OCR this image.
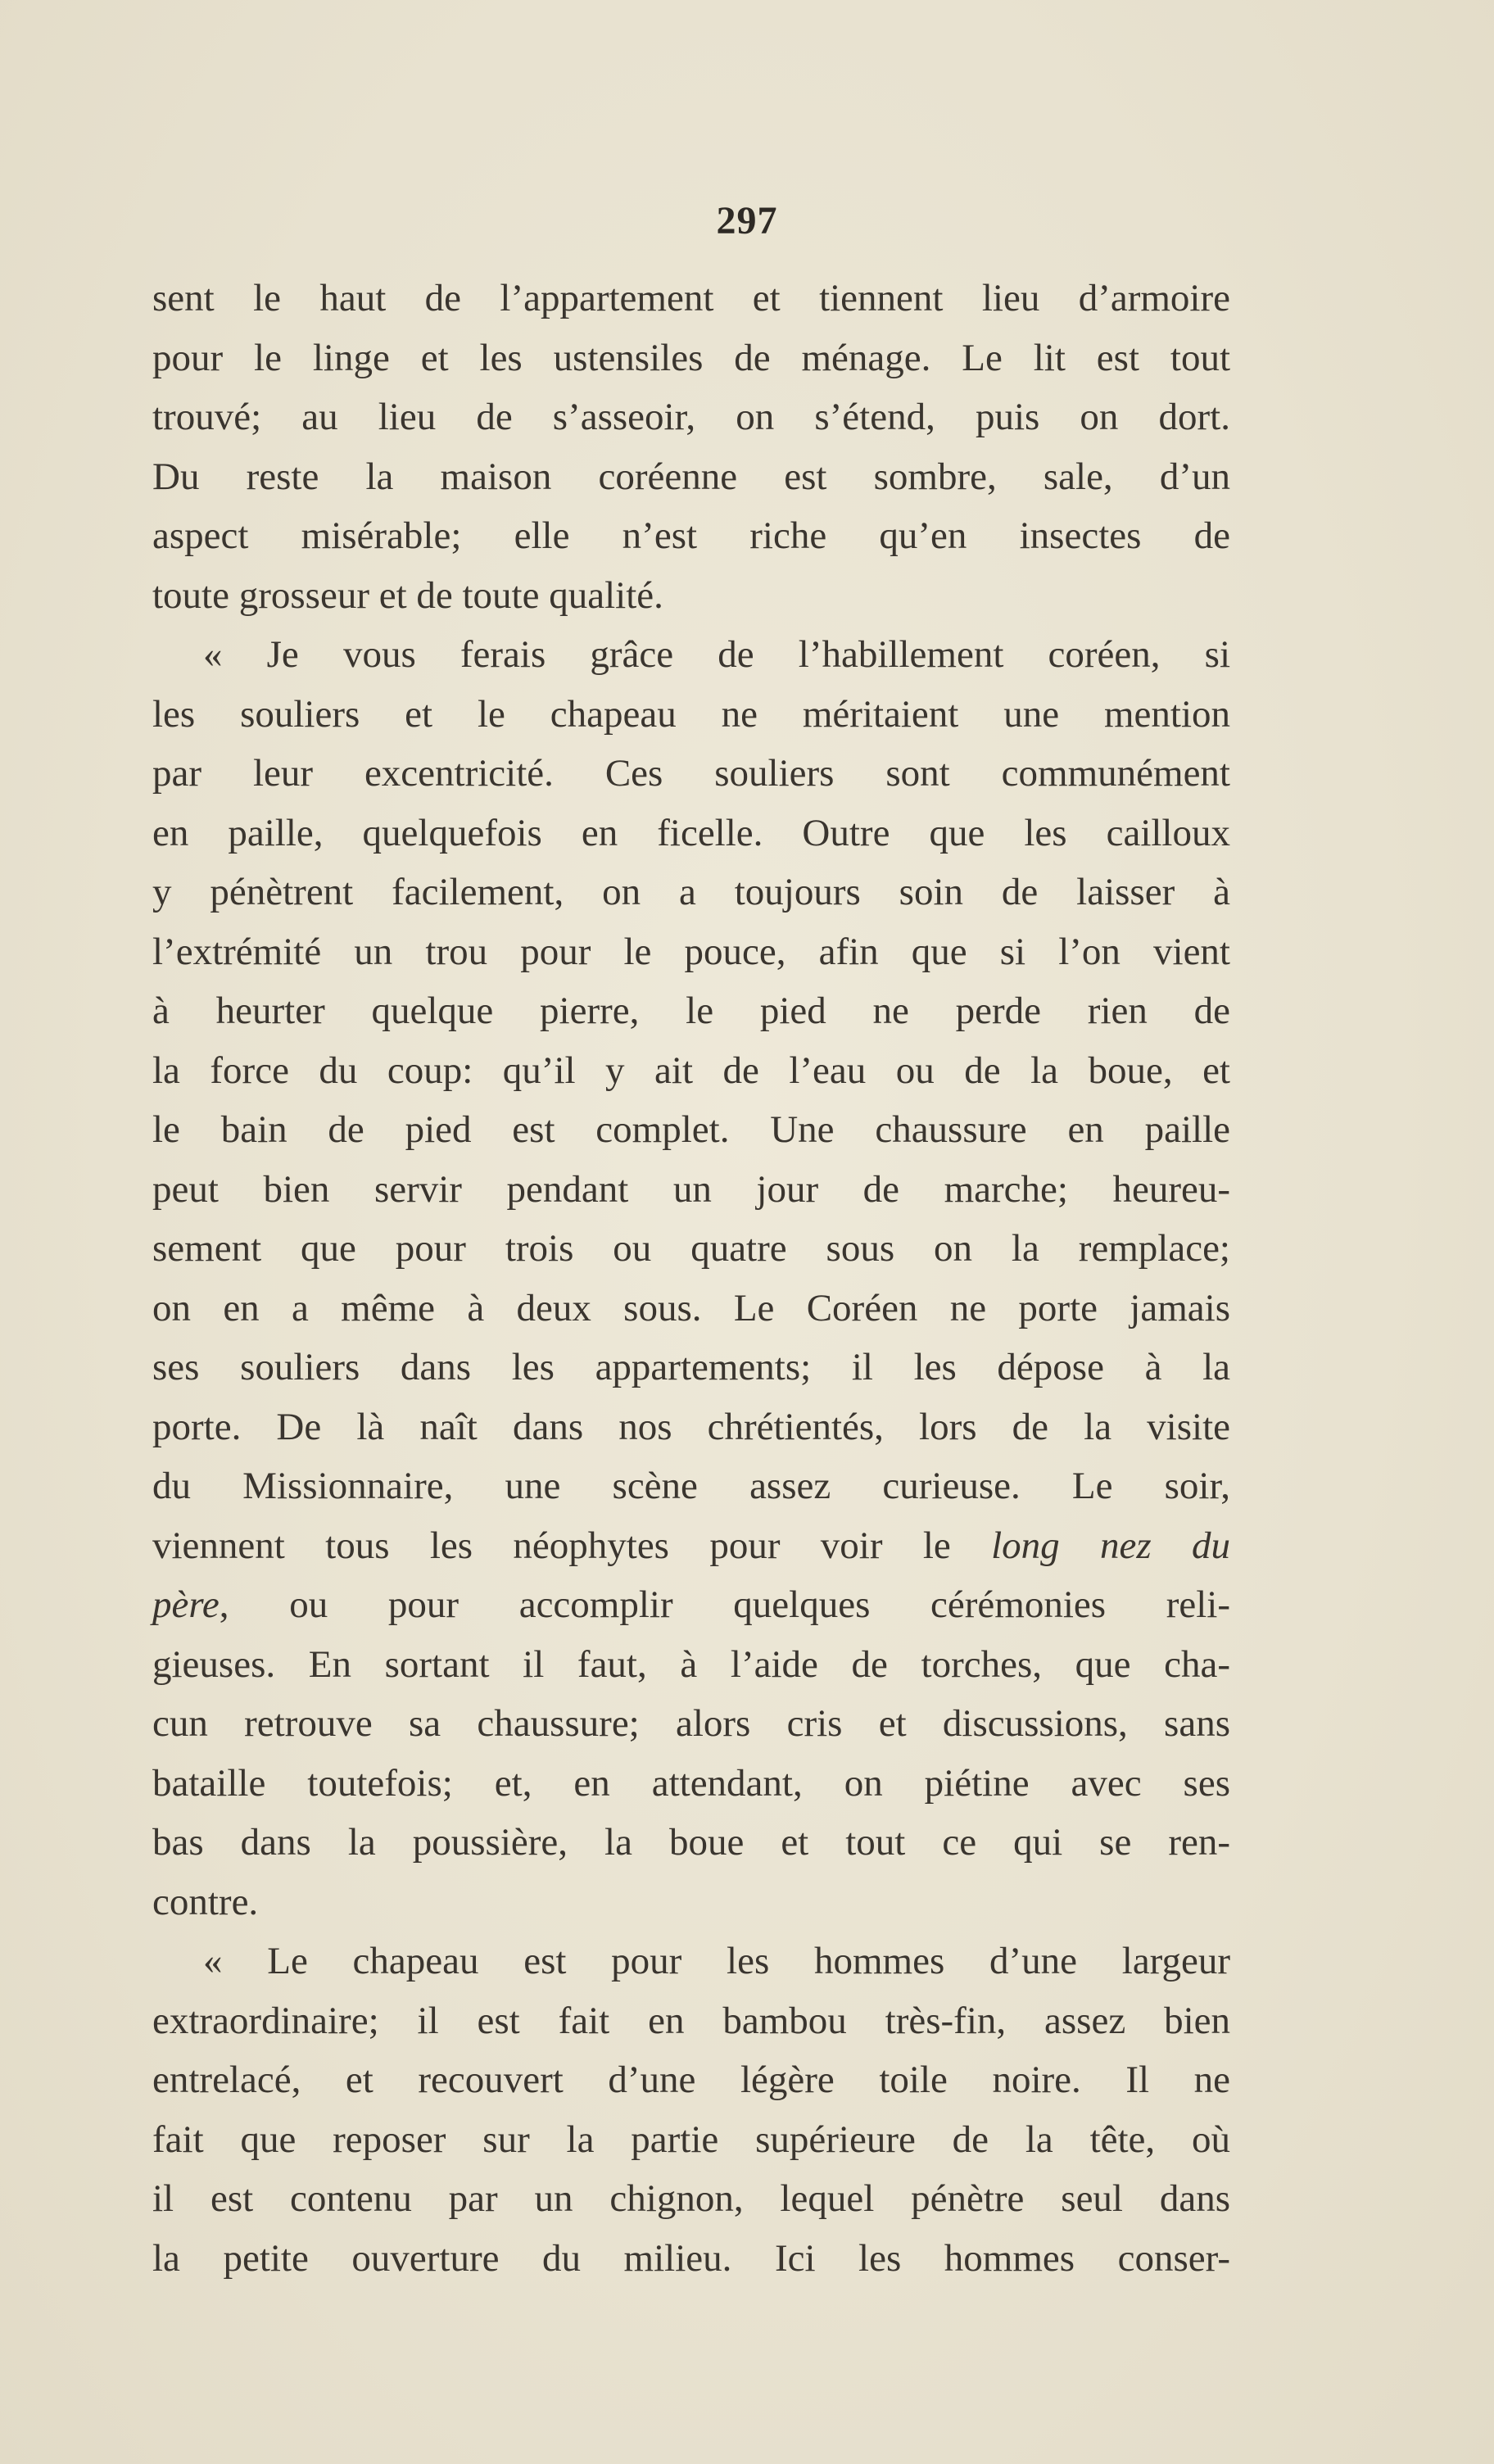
297
sent le haut de l’appartement et tiennent lieu d’armoire
pour le linge et les ustensiles de ménage. Le lit est tout
trouvé; au lieu de s’asseoir, on s’étend, puis on dort.
Du reste la maison coréenne est sombre, sale, d’un
aspect misérable; elle n’est riche qu’en insectes de
toute grosseur et de toute qualité.
« Je vous ferais grâce de l’habillement coréen, si
les souliers et le chapeau ne méritaient une mention
par leur excentricité. Ces souliers sont communément
en paille, quelquefois en ficelle. Outre que les cailloux
y pénètrent facilement, on a toujours soin de laisser à
l’extrémité un trou pour le pouce, afin que si l’on vient
à heurter quelque pierre, le pied ne perde rien de
la force du coup: qu’il y ait de l’eau ou de la boue, et
le bain de pied est complet. Une chaussure en paille
peut bien servir pendant un jour de marche; heureu-
sement que pour trois ou quatre sous on la remplace;
on en a même à deux sous. Le Coréen ne porte jamais
ses souliers dans les appartements; il les dépose à la
porte. De là naît dans nos chrétientés, lors de la visite
du Missionnaire, une scène assez curieuse. Le soir,
viennent tous les néophytes pour voir le long nez du
père, ou pour accomplir quelques cérémonies reli-
gieuses. En sortant il faut, à l’aide de torches, que cha-
cun retrouve sa chaussure; alors cris et discussions, sans
bataille toutefois; et, en attendant, on piétine avec ses
bas dans la poussière, la boue et tout ce qui se ren-
contre.
« Le chapeau est pour les hommes d’une largeur
extraordinaire; il est fait en bambou très-fin, assez bien
entrelacé, et recouvert d’une légère toile noire. Il ne
fait que reposer sur la partie supérieure de la tête, où
il est contenu par un chignon, lequel pénètre seul dans
la petite ouverture du milieu. Ici les hommes conser-
